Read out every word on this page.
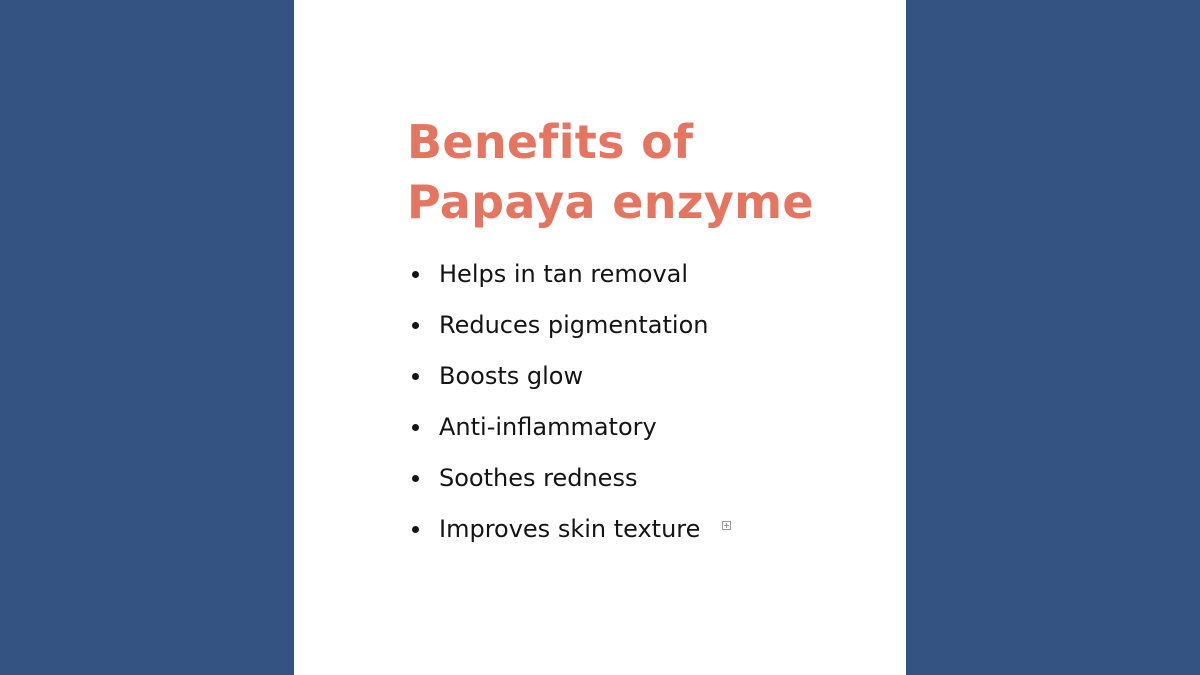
Benefits of
Papaya enzyme
Helps in tan removal
Reduces pigmentation
Boosts glow
Anti-inflammatory
Soothes redness
Improves skin texture
